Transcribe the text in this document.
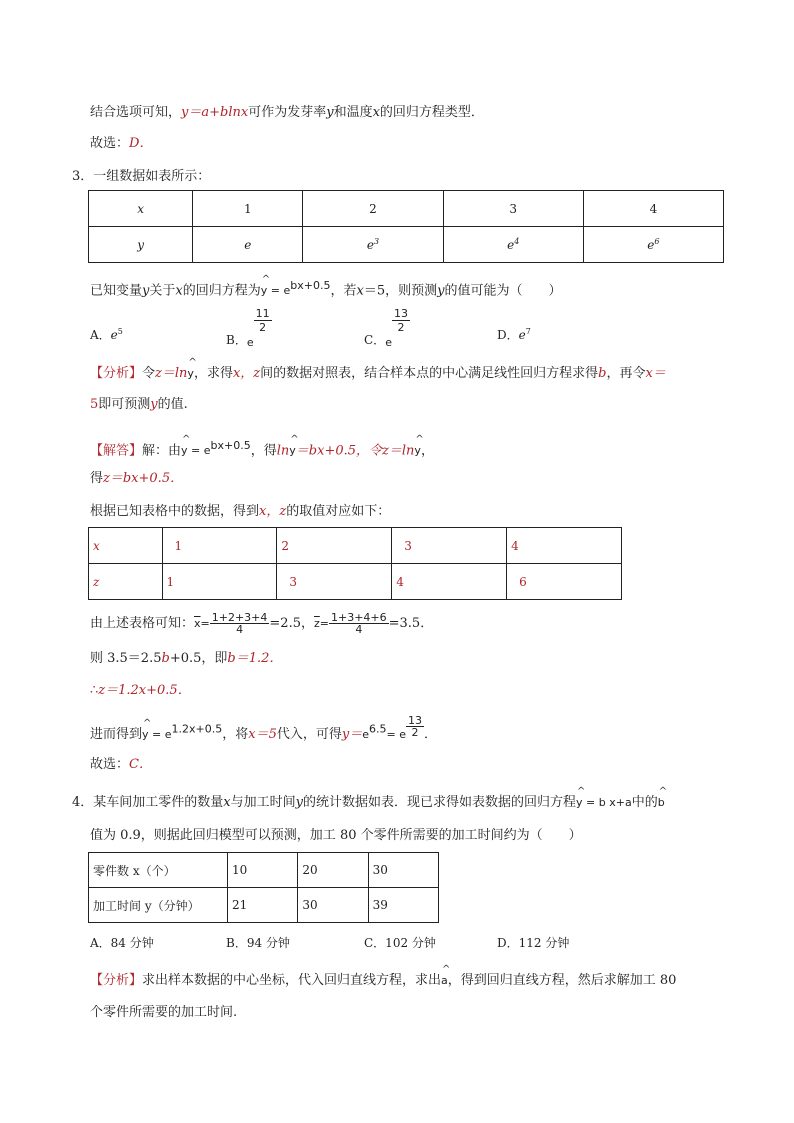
结合选项可知，y＝a+blnx可作为发芽率y和温度x的回归方程类型．
故选：D．
3．一组数据如表所示：
x	1	2	3	4
y	e	$e^3$	$e^4$	$e^6$
已知变量y关于x的回归方程为^ $y = e^{bx+0.5}$，若x＝5，则预测y的值可能为（　　）
A．$e^5$
B．e
$\frac{11}{2}$
C．e
$\frac{13}{2}$
D．$e^7$
【分析】令z＝ln^ y，求得x，z间的数据对照表，结合样本点的中心满足线性回归方程求得b，再令x＝
5即可预测y的值.
【解答】解：由^ $y = e^{bx+0.5}$，得ln^ y＝bx+0.5，令z＝ln^ y，
得z＝bx+0.5．
根据已知表格中的数据，得到x，z的取值对应如下：
x	1	2	3	4
z	1	3	4	6
由上述表格可知：$\overline{x}= \frac{1+2+3+4}{4} =2.5$，$\overline{z}= \frac{1+3+4+6}{4} =3.5$．
则 3.5＝2.5b+0.5，即b＝1.2．
∴z＝1.2x+0.5．
进而得到^ $y = e^{1.2x+0.5}$，将x＝5代入，可得$y=e^{6.5}= e \frac{13}{2}$ ．
故选：C．
4．某车间加工零件的数量x与加工时间y的统计数据如表．现已求得如表数据的回归方程^ y = b x+a中的^ b
值为 0.9，则据此回归模型可以预测，加工 80 个零件所需要的加工时间约为（　　）
零件数 x（个）	10	20	30
加工时间 y（分钟）	21	30	39
A．84 分钟	B．94 分钟	C．102 分钟	D．112 分钟
【分析】求出样本数据的中心坐标，代入回归直线方程，求出^ a，得到回归直线方程，然后求解加工 80
个零件所需要的加工时间.
